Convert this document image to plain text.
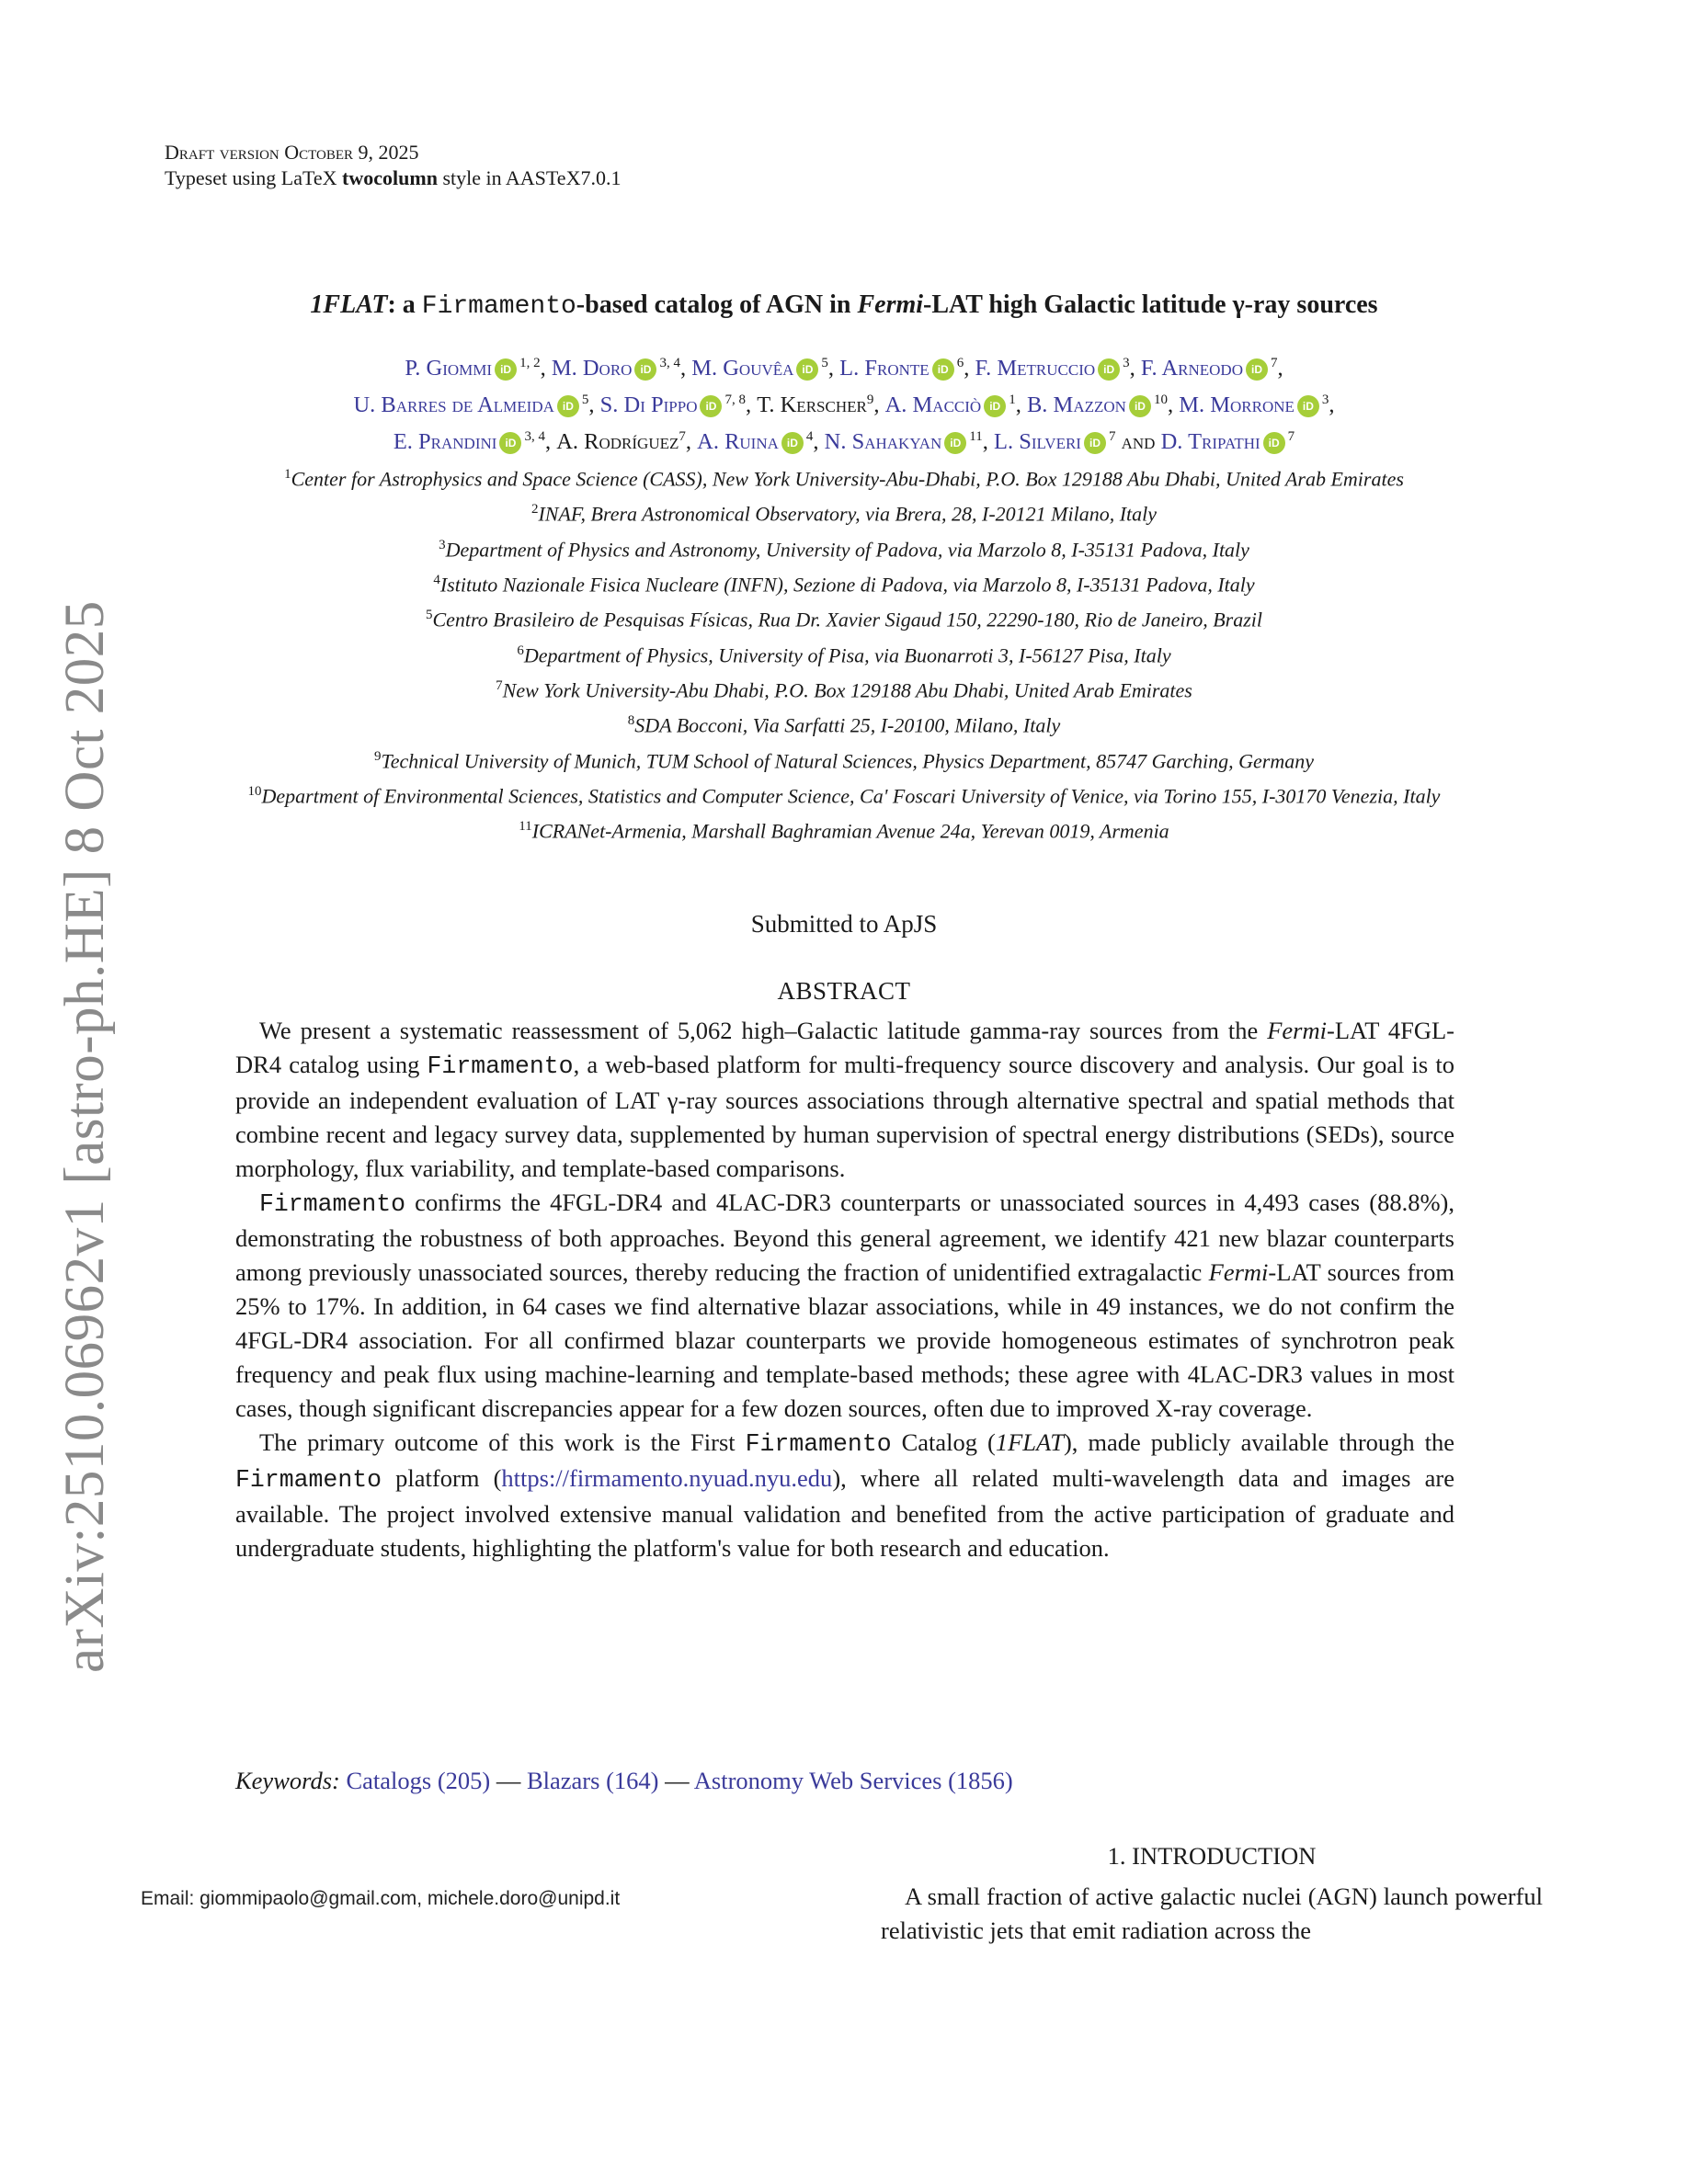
Draft version October 9, 2025
Typeset using LaTeX twocolumn style in AASTeX7.0.1
arXiv:2510.06962v1 [astro-ph.HE] 8 Oct 2025
1FLAT: a Firmamento-based catalog of AGN in Fermi-LAT high Galactic latitude γ-ray sources
P. Giommi iD $^{1, 2}$, M. Doro iD $^{3, 4}$, M. Gouvêa iD $^5$, L. Fronte iD $^6$, F. Metruccio iD $^3$, F. Arneodo iD $^7$,
U. Barres de Almeida iD $^5$, S. Di Pippo iD $^{7, 8}$, T. Kerscher$^9$, A. Macciò iD $^1$, B. Mazzon iD $^{10}$, M. Morrone iD $^3$,
E. Prandini iD $^{3, 4}$, A. Rodríguez$^7$, A. Ruina iD $^4$, N. Sahakyan iD $^{11}$, L. Silveri iD $^7$ and D. Tripathi iD $^7$
$^1$Center for Astrophysics and Space Science (CASS), New York University-Abu-Dhabi, P.O. Box 129188 Abu Dhabi, United Arab Emirates
$^2$INAF, Brera Astronomical Observatory, via Brera, 28, I-20121 Milano, Italy
$^3$Department of Physics and Astronomy, University of Padova, via Marzolo 8, I-35131 Padova, Italy
$^4$Istituto Nazionale Fisica Nucleare (INFN), Sezione di Padova, via Marzolo 8, I-35131 Padova, Italy
$^5$Centro Brasileiro de Pesquisas Físicas, Rua Dr. Xavier Sigaud 150, 22290-180, Rio de Janeiro, Brazil
$^6$Department of Physics, University of Pisa, via Buonarroti 3, I-56127 Pisa, Italy
$^7$New York University-Abu Dhabi, P.O. Box 129188 Abu Dhabi, United Arab Emirates
$^8$SDA Bocconi, Via Sarfatti 25, I-20100, Milano, Italy
$^9$Technical University of Munich, TUM School of Natural Sciences, Physics Department, 85747 Garching, Germany
$^{10}$Department of Environmental Sciences, Statistics and Computer Science, Ca' Foscari University of Venice, via Torino 155, I-30170 Venezia, Italy
$^{11}$ICRANet-Armenia, Marshall Baghramian Avenue 24a, Yerevan 0019, Armenia
Submitted to ApJS
ABSTRACT

We present a systematic reassessment of 5,062 high–Galactic latitude gamma-ray sources from the Fermi-LAT 4FGL-DR4 catalog using Firmamento, a web-based platform for multi-frequency source discovery and analysis. Our goal is to provide an independent evaluation of LAT γ-ray sources associations through alternative spectral and spatial methods that combine recent and legacy survey data, supplemented by human supervision of spectral energy distributions (SEDs), source morphology, flux variability, and template-based comparisons.

Firmamento confirms the 4FGL-DR4 and 4LAC-DR3 counterparts or unassociated sources in 4,493 cases (88.8%), demonstrating the robustness of both approaches. Beyond this general agreement, we identify 421 new blazar counterparts among previously unassociated sources, thereby reducing the fraction of unidentified extragalactic Fermi-LAT sources from 25% to 17%. In addition, in 64 cases we find alternative blazar associations, while in 49 instances, we do not confirm the 4FGL-DR4 association. For all confirmed blazar counterparts we provide homogeneous estimates of synchrotron peak frequency and peak flux using machine-learning and template-based methods; these agree with 4LAC-DR3 values in most cases, though significant discrepancies appear for a few dozen sources, often due to improved X-ray coverage.

The primary outcome of this work is the First Firmamento Catalog (1FLAT), made publicly available through the Firmamento platform (https://firmamento.nyuad.nyu.edu), where all related multi-wavelength data and images are available. The project involved extensive manual validation and benefited from the active participation of graduate and undergraduate students, highlighting the platform's value for both research and education.

Keywords: Catalogs (205) — Blazars (164) — Astronomy Web Services (1856)
1. INTRODUCTION
A small fraction of active galactic nuclei (AGN) launch powerful relativistic jets that emit radiation across the
Email: giommipaolo@gmail.com, michele.doro@unipd.it
